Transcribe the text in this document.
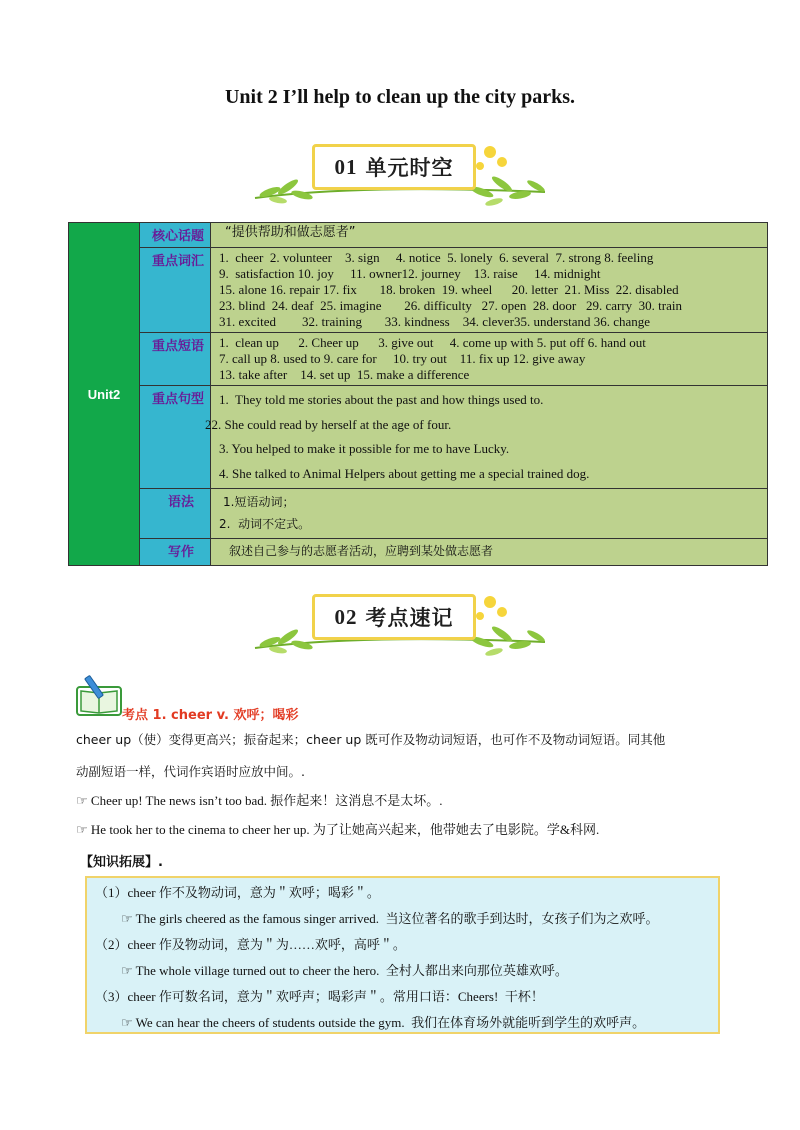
Unit 2 I’ll help to clean up the city parks.
01 单元时空
Unit2	核心话题	“提供帮助和做志愿者”

	重点词汇	1.  cheer  2. volunteer    3. sign     4. notice  5. lonely  6. several  7. strong 8. feeling
9.  satisfaction 10. joy     11. owner12. journey    13. raise     14. midnight
15. alone 16. repair 17. fix       18. broken  19. wheel      20. letter  21. Miss  22. disabled
23. blind  24. deaf  25. imagine       26. difficulty   27. open  28. door   29. carry  30. train
31. excited        32. training       33. kindness    34. clever35. understand 36. change

	重点短语	1.  clean up      2. Cheer up      3. give out     4. come up with 5. put off 6. hand out
7. call up 8. used to 9. care for     10. try out    11. fix up 12. give away
13. take after    14. set up  15. make a difference

	重点句型	1.  They told me stories about the past and how things used to.
22. She could read by herself at the age of four.
3. You helped to make it possible for me to have Lucky.
4. She talked to Animal Helpers about getting me a special trained dog.

	语法	1.短语动词；
2.  动词不定式。

	写作	叙述自己参与的志愿者活动，应聘到某处做志愿者
02 考点速记
考点 1. cheer v. 欢呼；喝彩
cheer up（使）变得更高兴；振奋起来；cheer up 既可作及物动词短语，也可作不及物动词短语。同其他
动副短语一样，代词作宾语时应放中间。.
☞ Cheer up! The news isn’t too bad. 振作起来！这消息不是太坏。.
☞ He took her to the cinema to cheer her up. 为了让她高兴起来，他带她去了电影院。学&科网.
【知识拓展】.
（1）cheer 作不及物动词，意为＂欢呼；喝彩＂。
☞ The girls cheered as the famous singer arrived.  当这位著名的歌手到达时，女孩子们为之欢呼。
（2）cheer 作及物动词，意为＂为……欢呼，高呼＂。
☞ The whole village turned out to cheer the hero.  全村人都出来向那位英雄欢呼。
（3）cheer 作可数名词，意为＂欢呼声；喝彩声＂。常用口语：Cheers!  干杯！
☞ We can hear the cheers of students outside the gym.  我们在体育场外就能听到学生的欢呼声。
